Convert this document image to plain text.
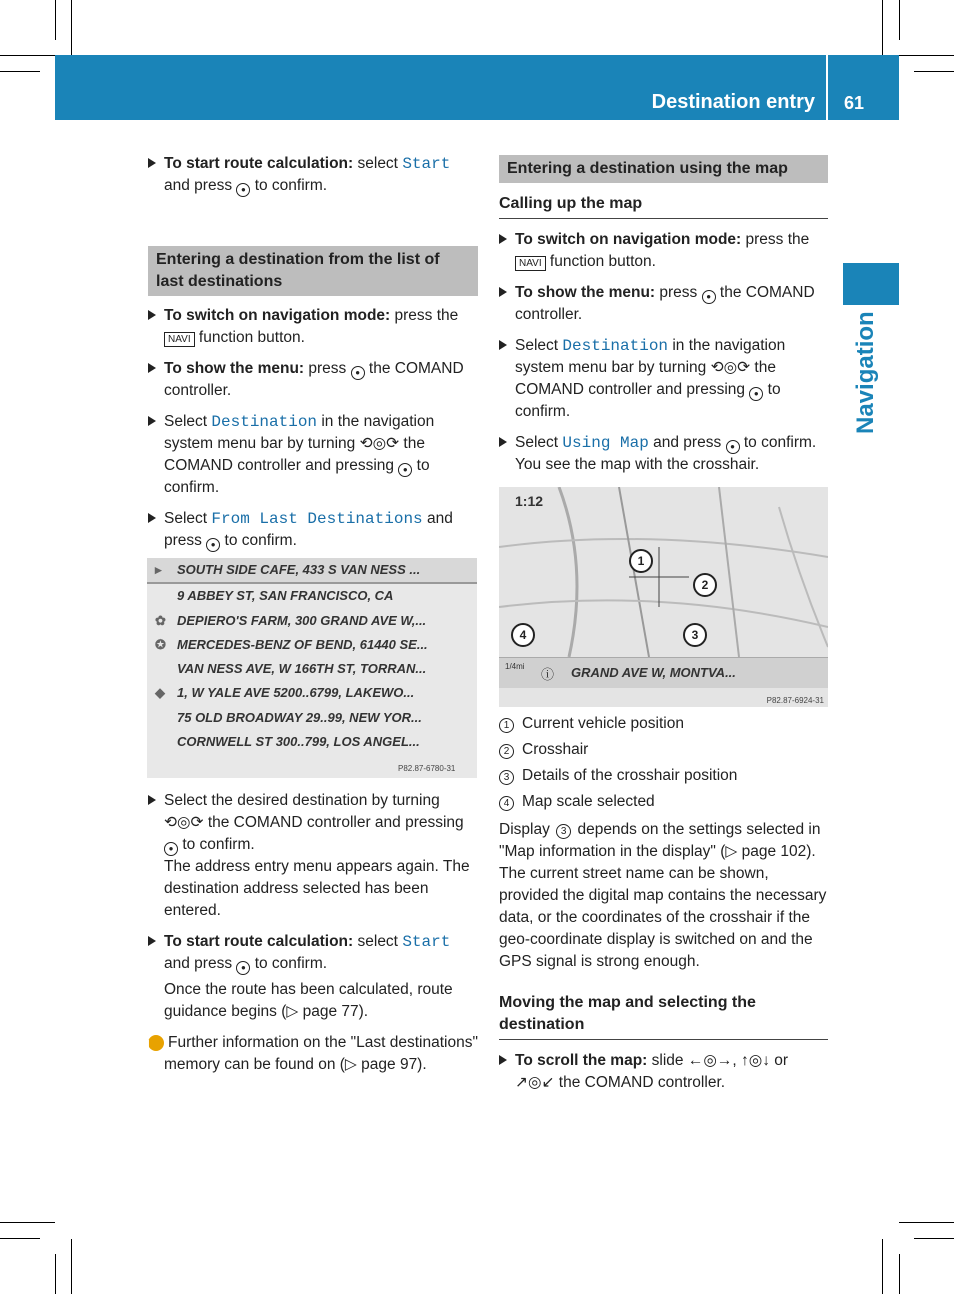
Destination entry 61
Navigation
To start route calculation: select Start and press ● to confirm.
Entering a destination from the list of last destinations
To switch on navigation mode: press the NAVI function button.
To show the menu: press ● the COMAND controller.
Select Destination in the navigation system menu bar by turning ⟲◎⟳ the COMAND controller and pressing ● to confirm.
Select From Last Destinations and press ● to confirm.
▸ SOUTH SIDE CAFE, 433 S VAN NESS ...
9 ABBEY ST, SAN FRANCISCO, CA
✿ DEPIERO'S FARM, 300 GRAND AVE W,...
✪ MERCEDES-BENZ OF BEND, 61440 SE...
VAN NESS AVE, W 166TH ST, TORRAN...
◆ 1, W YALE AVE 5200..6799, LAKEWO...
75 OLD BROADWAY 29..99, NEW YOR...
CORNWELL ST 300..799, LOS ANGEL...
P82.87-6780-31
Select the desired destination by turning ⟲◎⟳ the COMAND controller and pressing ● to confirm.
The address entry menu appears again. The destination address selected has been entered.
To start route calculation: select Start and press ● to confirm.
Once the route has been calculated, route guidance begins (▷ page 77).
i Further information on the "Last destinations" memory can be found on (▷ page 97).
Entering a destination using the map
Calling up the map
To switch on navigation mode: press the NAVI function button.
To show the menu: press ● the COMAND controller.
Select Destination in the navigation system menu bar by turning ⟲◎⟳ the COMAND controller and pressing ● to confirm.
Select Using Map and press ● to confirm. You see the map with the crosshair.
1:12
1
2
3
4
1/4mi
ⓘ GRAND AVE W, MONTVA...
P82.87-6924-31
1 Current vehicle position
2 Crosshair
3 Details of the crosshair position
4 Map scale selected
Display 3 depends on the settings selected in "Map information in the display" (▷ page 102). The current street name can be shown, provided the digital map contains the necessary data, or the coordinates of the crosshair if the geo-coordinate display is switched on and the GPS signal is strong enough.
Moving the map and selecting the destination
To scroll the map: slide ←◎→, ↑◎↓ or ↗◎↙ the COMAND controller.
